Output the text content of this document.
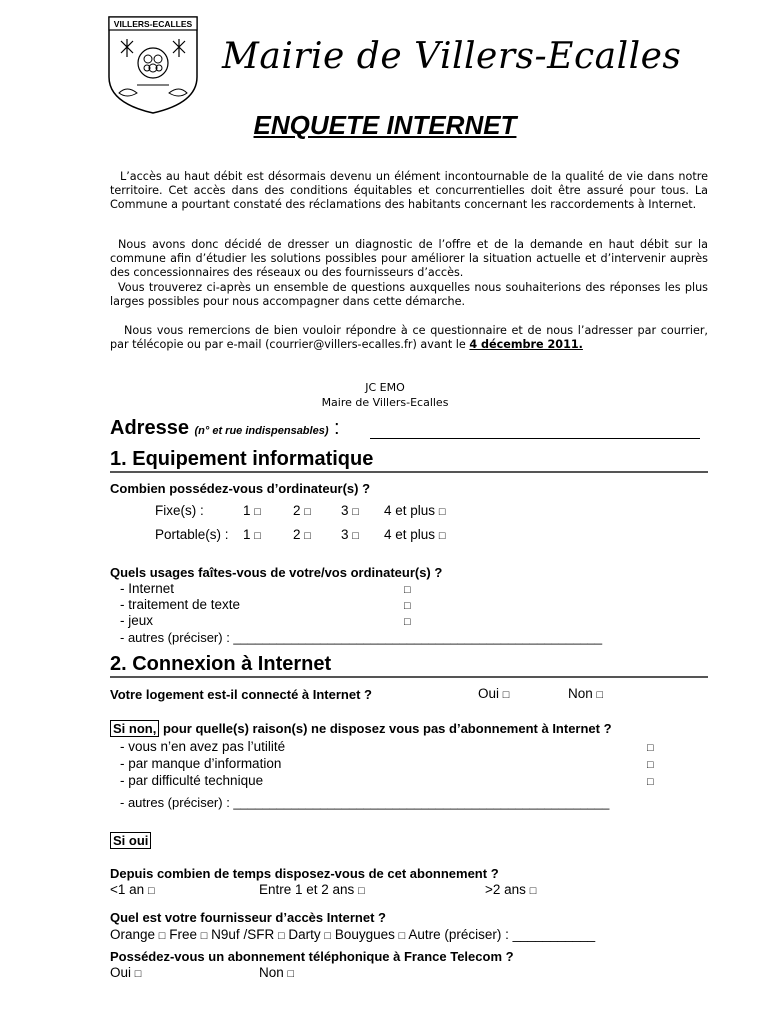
VILLERS-ECALLES
Mairie de Villers-Ecalles
ENQUETE INTERNET

L’accès au haut débit est désormais devenu un élément incontournable de la qualité de vie dans notre territoire. Cet accès dans des conditions équitables et concurrentielles doit être assuré pour tous. La Commune a pourtant constaté des réclamations des habitants concernant les raccordements à Internet.

Nous avons donc décidé de dresser un diagnostic de l’offre et de la demande en haut débit sur la commune afin d’étudier les solutions possibles pour améliorer la situation actuelle et d’intervenir auprès des concessionnaires des réseaux ou des fournisseurs d’accès.

Vous trouverez ci-après un ensemble de questions auxquelles nous souhaiterions des réponses les plus larges possibles pour nous accompagner dans cette démarche.

Nous vous remercions de bien vouloir répondre à ce questionnaire et de nous l’adresser par courrier, par télécopie ou par e-mail (courrier@villers-ecalles.fr) avant le 4 décembre 2011.

JC EMO
Maire de Villers-Ecalles
Adresse (n° et rue indispensables) :
1. Equipement informatique
Combien possédez-vous d’ordinateur(s) ?
Fixe(s) :	1 □ 2 □ 3 □ 4 et plus □
Portable(s) : 1 □ 2 □ 3 □ 4 et plus □
Quels usages faîtes-vous de votre/vos ordinateur(s) ?
- Internet	□
- traitement de texte	□
- jeux	□
- autres (préciser) : ___________________________________________________
2. Connexion à Internet
Votre logement est-il connecté à Internet ?	Oui □	Non □
Si non, pour quelle(s) raison(s) ne disposez vous pas d’abonnement à Internet ?
- vous n’en avez pas l’utilité	□
- par manque d’information	□
- par difficulté technique	□
- autres (préciser) : ____________________________________________________
Si oui
Depuis combien de temps disposez-vous de cet abonnement ?
<1 an □	Entre 1 et 2 ans □	>2 ans □
Quel est votre fournisseur d’accès Internet ?
Orange □ Free □ N9uf /SFR □ Darty □ Bouygues □ Autre (préciser) : ___________
Possédez-vous un abonnement téléphonique à France Telecom ?
Oui □	Non □
